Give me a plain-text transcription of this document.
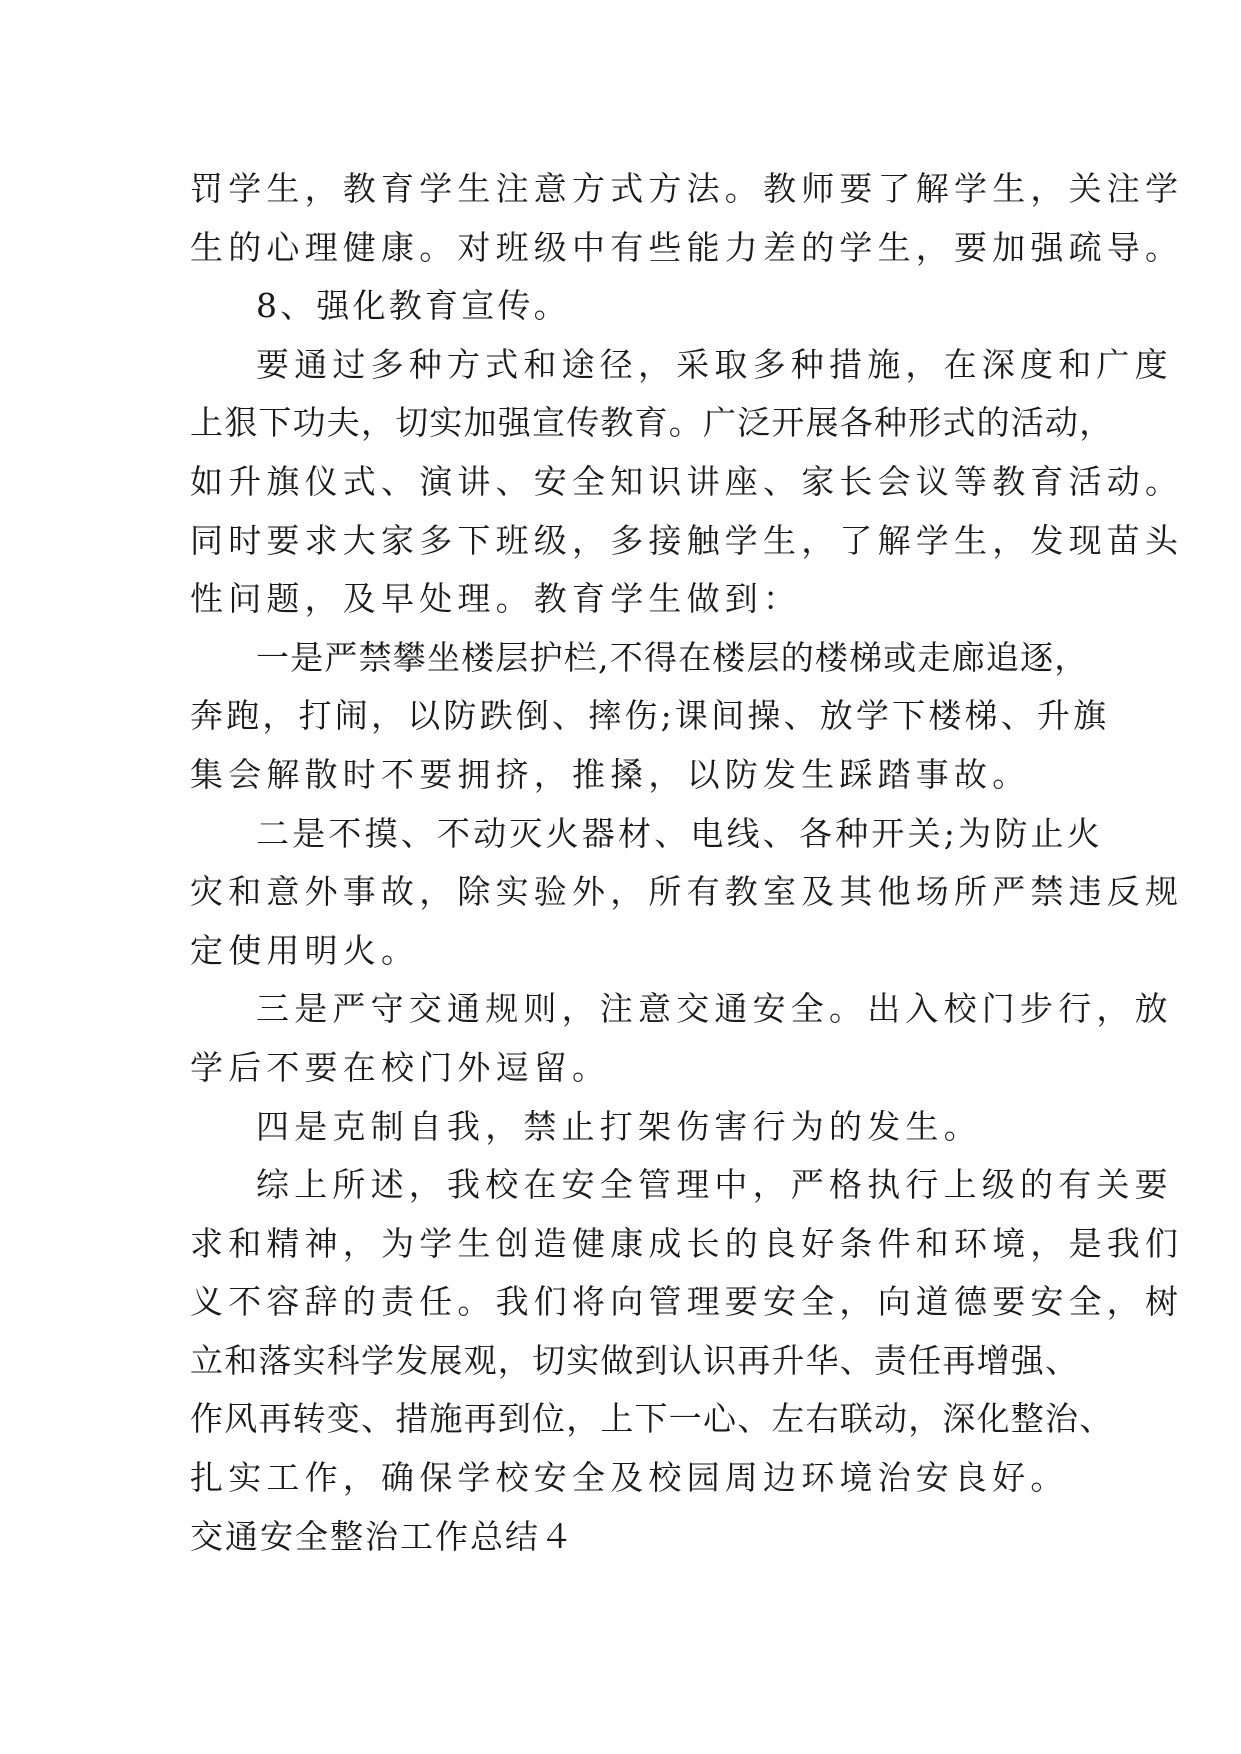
罚学生，教育学生注意方式方法。教师要了解学生，关注学
生的心理健康。对班级中有些能力差的学生，要加强疏导。
8、强化教育宣传。
要通过多种方式和途径，采取多种措施，在深度和广度
上狠下功夫，切实加强宣传教育。广泛开展各种形式的活动，
如升旗仪式、演讲、安全知识讲座、家长会议等教育活动。
同时要求大家多下班级，多接触学生，了解学生，发现苗头
性问题，及早处理。教育学生做到：
一是严禁攀坐楼层护栏,不得在楼层的楼梯或走廊追逐，
奔跑，打闹，以防跌倒、摔伤;课间操、放学下楼梯、升旗
集会解散时不要拥挤，推搡，以防发生踩踏事故。
二是不摸、不动灭火器材、电线、各种开关;为防止火
灾和意外事故，除实验外，所有教室及其他场所严禁违反规
定使用明火。
三是严守交通规则，注意交通安全。出入校门步行，放
学后不要在校门外逗留。
四是克制自我，禁止打架伤害行为的发生。
综上所述，我校在安全管理中，严格执行上级的有关要
求和精神，为学生创造健康成长的良好条件和环境，是我们
义不容辞的责任。我们将向管理要安全，向道德要安全，树
立和落实科学发展观，切实做到认识再升华、责任再增强、
作风再转变、措施再到位，上下一心、左右联动，深化整治、
扎实工作，确保学校安全及校园周边环境治安良好。
交通安全整治工作总结４
